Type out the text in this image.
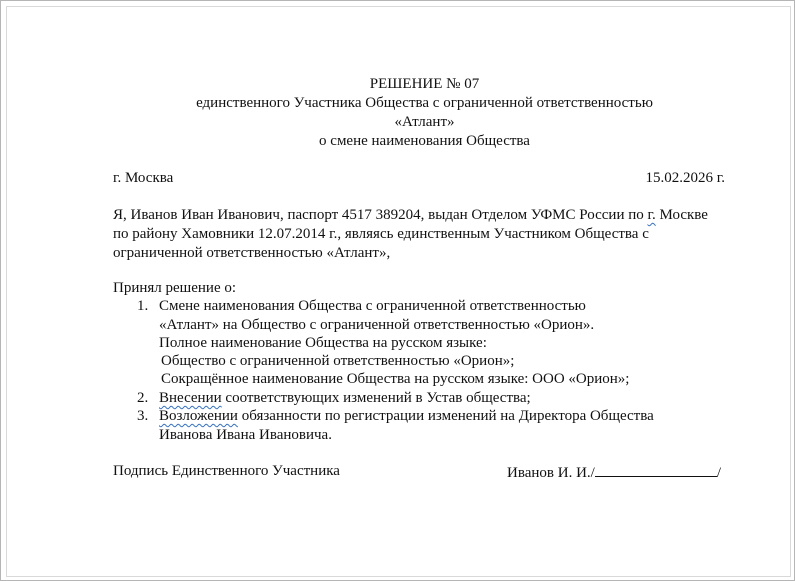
РЕШЕНИЕ № 07
единственного Участника Общества с ограниченной ответственностью
«Атлант»
о смене наименования Общества
г. Москва	15.02.2026 г.
Я, Иванов Иван Иванович, паспорт 4517 389204, выдан Отделом УФМС России по г. Москве
по району Хамовники 12.07.2014 г., являясь единственным Участником Общества с
ограниченной ответственностью «Атлант»,
Принял решение о:
1. Смене наименования Общества с ограниченной ответственностью
«Атлант» на Общество с ограниченной ответственностью «Орион».
Полное наименование Общества на русском языке:
Общество с ограниченной ответственностью «Орион»;
Сокращённое наименование Общества на русском языке: ООО «Орион»;
2. Внесении соответствующих изменений в Устав общества;
3. Возложении обязанности по регистрации изменений на Директора Общества
Иванова Ивана Ивановича.
Подпись Единственного Участника	Иванов И. И./	/
